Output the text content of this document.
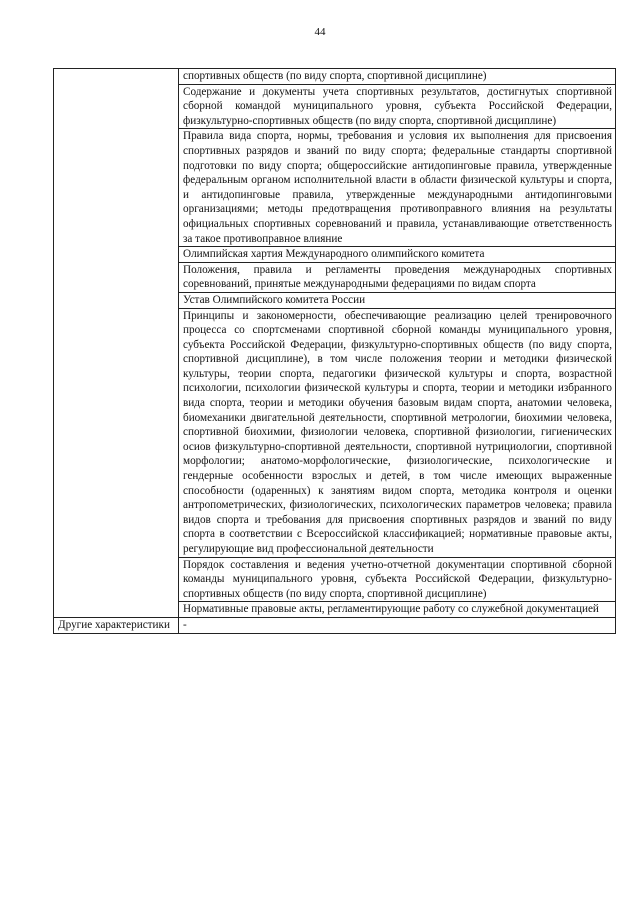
44
	спортивных обществ (по виду спорта, спортивной дисциплине)
	Содержание и документы учета спортивных результатов, достигнутых спортивной сборной командой муниципального уровня, субъекта Российской Федерации, физкультурно-спортивных обществ (по виду спорта, спортивной дисциплине)
	Правила вида спорта, нормы, требования и условия их выполнения для присвоения спортивных разрядов и званий по виду спорта; федеральные стандарты спортивной подготовки по виду спорта; общероссийские антидопинговые правила, утвержденные федеральным органом исполнительной власти в области физической культуры и спорта, и антидопинговые правила, утвержденные международными антидопинговыми организациями; методы предотвращения противоправного влияния на результаты официальных спортивных соревнований и правила, устанавливающие ответственность за такое противоправное влияние
	Олимпийская хартия Международного олимпийского комитета
	Положения, правила и регламенты проведения международных спортивных соревнований, принятые международными федерациями по видам спорта
	Устав Олимпийского комитета России
	Принципы и закономерности, обеспечивающие реализацию целей тренировочного процесса со спортсменами спортивной сборной команды муниципального уровня, субъекта Российской Федерации, физкультурно-спортивных обществ (по виду спорта, спортивной дисциплине), в том числе положения теории и методики физической культуры, теории спорта, педагогики физической культуры и спорта, возрастной психологии, психологии физической культуры и спорта, теории и методики избранного вида спорта, теории и методики обучения базовым видам спорта, анатомии человека, биомеханики двигательной деятельности, спортивной метрологии, биохимии человека, спортивной биохимии, физиологии человека, спортивной физиологии, гигиенических осиов физкультурно-спортивной деятельности, спортивной нутрициологии, спортивной морфологии; анатомо-морфологические, физиологические, психологические и гендерные особенности взрослых и детей, в том числе имеющих выраженные способности (одаренных) к занятиям видом спорта, методика контроля и оценки антропометрических, физиологических, психологических параметров человека; правила видов спорта и требования для присвоения спортивных разрядов и званий по виду спорта в соответствии с Всероссийской классификацией; нормативные правовые акты, регулирующие вид профессиональной деятельности
	Порядок составления и ведения учетно-отчетной документации спортивной сборной команды муниципального уровня, субъекта Российской Федерации, физкультурно-спортивных обществ (по виду спорта, спортивной дисциплине)
	Нормативные правовые акты, регламентирующие работу со служебной документацией
Другие характеристики	-
